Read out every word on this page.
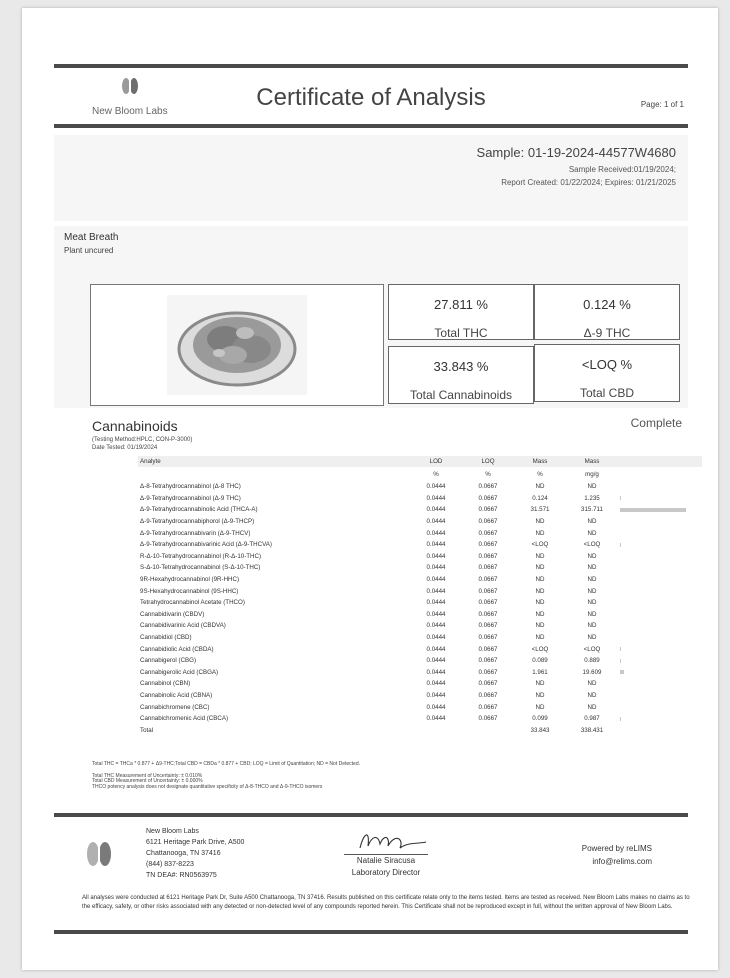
New Bloom Labs
Certificate of Analysis	Page: 1 of 1
Sample: 01-19-2024-44577W4680
Sample Received:01/19/2024;
Report Created: 01/22/2024; Expires: 01/21/2025
Meat Breath
Plant uncured
27.811 %
Total THC
0.124 %
Δ-9 THC
33.843 %
Total Cannabinoids
<LOQ %
Total CBD
Cannabinoids	Complete
(Testing Method:HPLC, CON-P-3000)
Date Tested: 01/19/2024
Analyte	LOD	LOQ	Mass	Mass	
	%	%	%	mg/g	
Δ-8-Tetrahydrocannabinol (Δ-8 THC)	0.0444	0.0667	ND	ND	

Δ-9-Tetrahydrocannabinol (Δ-9 THC)	0.0444	0.0667	0.124	1.235	

Δ-9-Tetrahydrocannabinolic Acid (THCA-A)	0.0444	0.0667	31.571	315.711	

Δ-9-Tetrahydrocannabiphorol (Δ-9-THCP)	0.0444	0.0667	ND	ND	

Δ-9-Tetrahydrocannabivarin (Δ-9-THCV)	0.0444	0.0667	ND	ND	

Δ-9-Tetrahydrocannabivarinic Acid (Δ-9-THCVA)	0.0444	0.0667	<LOQ	<LOQ	

R-Δ-10-Tetrahydrocannabinol (R-Δ-10-THC)	0.0444	0.0667	ND	ND	

S-Δ-10-Tetrahydrocannabinol (S-Δ-10-THC)	0.0444	0.0667	ND	ND	

9R-Hexahydrocannabinol (9R-HHC)	0.0444	0.0667	ND	ND	

9S-Hexahydrocannabinol (9S-HHC)	0.0444	0.0667	ND	ND	

Tetrahydrocannabinol Acetate (THCO)	0.0444	0.0667	ND	ND	

Cannabidivarin (CBDV)	0.0444	0.0667	ND	ND	

Cannabidivarinic Acid (CBDVA)	0.0444	0.0667	ND	ND	

Cannabidiol (CBD)	0.0444	0.0667	ND	ND	

Cannabidiolic Acid (CBDA)	0.0444	0.0667	<LOQ	<LOQ	

Cannabigerol (CBG)	0.0444	0.0667	0.089	0.889	

Cannabigerolic Acid (CBGA)	0.0444	0.0667	1.961	19.609	

Cannabinol (CBN)	0.0444	0.0667	ND	ND	

Cannabinolic Acid (CBNA)	0.0444	0.0667	ND	ND	

Cannabichromene (CBC)	0.0444	0.0667	ND	ND	

Cannabichromenic Acid (CBCA)	0.0444	0.0667	0.099	0.987	

Total			33.843	338.431	
Total THC = THCa * 0.877 + Δ9-THC;Total CBD = CBDa * 0.877 + CBD; LOQ = Limit of Quantitation; ND = Not Detected.
Total THC Measurement of Uncertainty: ± 0.010%
Total CBD Measurement of Uncertainty: ± 0.000%
THCO potency analysis does not designate quantitative specificity of Δ-8-THCO and Δ-9-THCO isomers
New Bloom Labs
6121 Heritage Park Drive, A500
Chattanooga, TN 37416
(844) 837-8223
TN DEA#: RN0563975
Natalie Siracusa
Laboratory Director
Powered by reLIMS
info@relims.com
All analyses were conducted at 6121 Heritage Park Dr, Suite A500 Chattanooga, TN 37416. Results published on this certificate relate only to the items tested. Items are tested as received. New Bloom Labs makes no claims as to the efficacy, safety, or other risks associated with any detected or non-detected level of any compounds reported herein. This Certificate shall not be reproduced except in full, without the written approval of New Bloom Labs.
